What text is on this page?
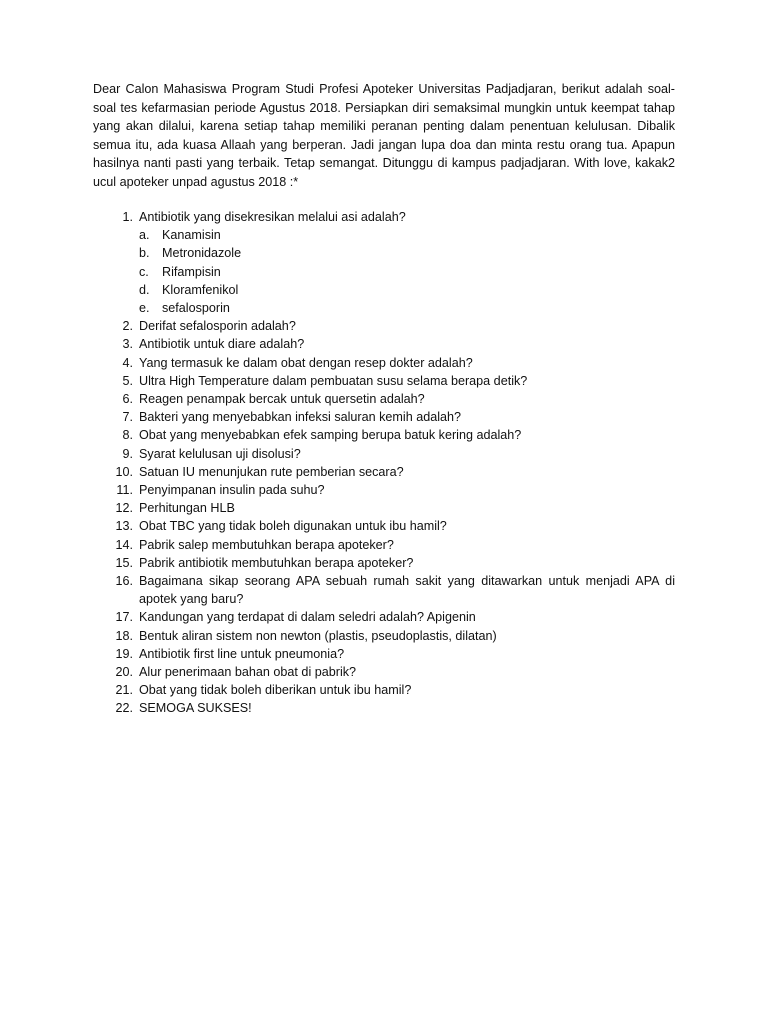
Dear Calon Mahasiswa Program Studi Profesi Apoteker Universitas Padjadjaran, berikut adalah soal-soal tes kefarmasian periode Agustus 2018. Persiapkan diri semaksimal mungkin untuk keempat tahap yang akan dilalui, karena setiap tahap memiliki peranan penting dalam penentuan kelulusan. Dibalik semua itu, ada kuasa Allaah yang berperan. Jadi jangan lupa doa dan minta restu orang tua. Apapun hasilnya nanti pasti yang terbaik. Tetap semangat. Ditunggu di kampus padjadjaran. With love, kakak2 ucul apoteker unpad agustus 2018 :*

1. Antibiotik yang disekresikan melalui asi adalah?
a. Kanamisin
b. Metronidazole
c. Rifampisin
d. Kloramfenikol
e. sefalosporin
2. Derifat sefalosporin adalah?
3. Antibiotik untuk diare adalah?
4. Yang termasuk ke dalam obat dengan resep dokter adalah?
5. Ultra High Temperature dalam pembuatan susu selama berapa detik?
6. Reagen penampak bercak untuk quersetin adalah?
7. Bakteri yang menyebabkan infeksi saluran kemih adalah?
8. Obat yang menyebabkan efek samping berupa batuk kering adalah?
9. Syarat kelulusan uji disolusi?
10. Satuan IU menunjukan rute pemberian secara?
11. Penyimpanan insulin pada suhu?
12. Perhitungan HLB
13. Obat TBC yang tidak boleh digunakan untuk ibu hamil?
14. Pabrik salep membutuhkan berapa apoteker?
15. Pabrik antibiotik membutuhkan berapa apoteker?
16. Bagaimana sikap seorang APA sebuah rumah sakit yang ditawarkan untuk menjadi APA di apotek yang baru?
17. Kandungan yang terdapat di dalam seledri adalah? Apigenin
18. Bentuk aliran sistem non newton (plastis, pseudoplastis, dilatan)
19. Antibiotik first line untuk pneumonia?
20. Alur penerimaan bahan obat di pabrik?
21. Obat yang tidak boleh diberikan untuk ibu hamil?
22. SEMOGA SUKSES!
